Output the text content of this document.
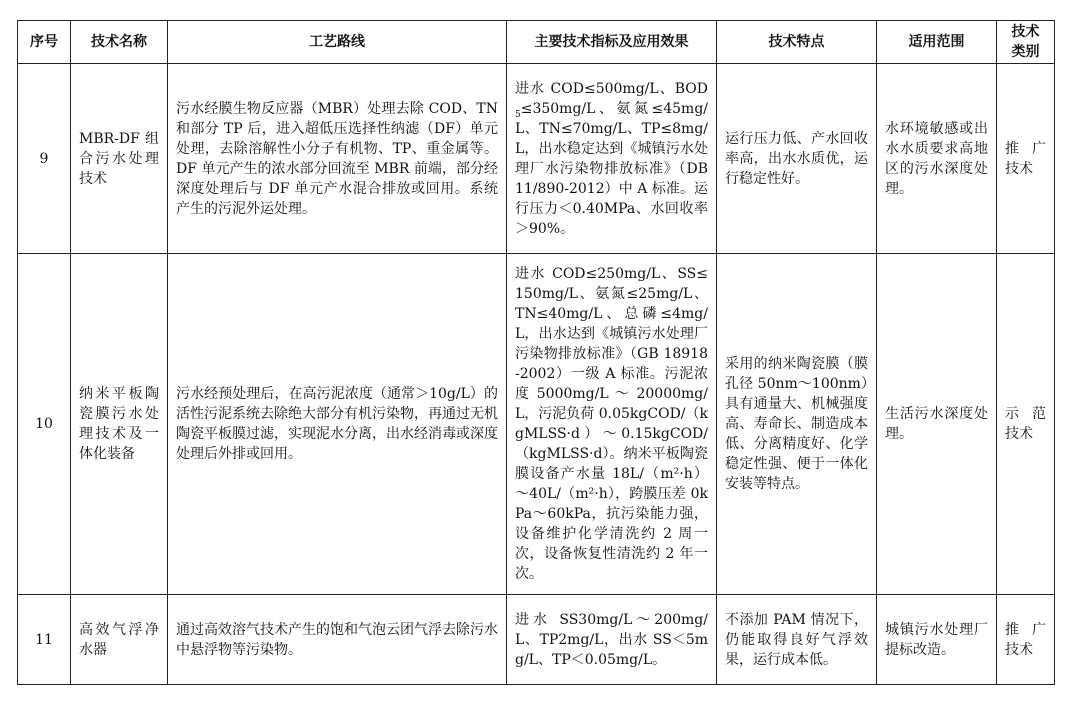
序号	技术名称	工艺路线	主要技术指标及应用效果	技术特点	适用范围	技术类别
9	MBR-DF 组合污水处理技术	污水经膜生物反应器（MBR）处理去除 COD、TN 和部分 TP 后，进入超低压选择性纳滤（DF）单元处理，去除溶解性小分子有机物、TP、重金属等。DF 单元产生的浓水部分回流至 MBR 前端，部分经深度处理后与 DF 单元产水混合排放或回用。系统产生的污泥外运处理。	进水 COD≤500mg/L、$BOD_5\le 350mg/L$、氨氮≤45mg/L、TN≤70mg/L、TP≤8mg/L，出水稳定达到《城镇污水处理厂水污染物排放标准》（DB 11/890-2012）中 A 标准。运行压力＜0.40MPa、水回收率＞90%。	运行压力低、产水回收率高，出水水质优，运行稳定性好。	水环境敏感或出水水质要求高地区的污水深度处理。	推广技术
10	纳米平板陶瓷膜污水处理技术及一体化装备	污水经预处理后，在高污泥浓度（通常＞10g/L）的活性污泥系统去除绝大部分有机污染物，再通过无机陶瓷平板膜过滤，实现泥水分离，出水经消毒或深度处理后外排或回用。	进水 COD≤250mg/L、SS≤150mg/L、氨氮≤25mg/L、TN≤40mg/L、总磷≤4mg/L，出水达到《城镇污水处理厂污染物排放标准》（GB 18918-2002）一级 A 标准。污泥浓度 5000mg/L ～ 20000mg/L，污泥负荷 0.05kgCOD/（kgMLSS·d）～0.15kgCOD/（kgMLSS·d）。纳米平板陶瓷膜设备产水量 18L/（m²·h）～40L/（m²·h），跨膜压差 0kPa～60kPa，抗污染能力强，设备维护化学清洗约 2 周一次，设备恢复性清洗约 2 年一次。	采用的纳米陶瓷膜（膜孔径 50nm～100nm）具有通量大、机械强度高、寿命长、制造成本低、分离精度好、化学稳定性强、便于一体化安装等特点。	生活污水深度处理。	示范技术
11	高效气浮净水器	通过高效溶气技术产生的饱和气泡云团气浮去除污水中悬浮物等污染物。	进水 SS30mg/L～200mg/L、TP2mg/L，出水 SS＜5mg/L、TP＜0.05mg/L。	不添加 PAM 情况下，仍能取得良好气浮效果，运行成本低。	城镇污水处理厂提标改造。	推广技术
